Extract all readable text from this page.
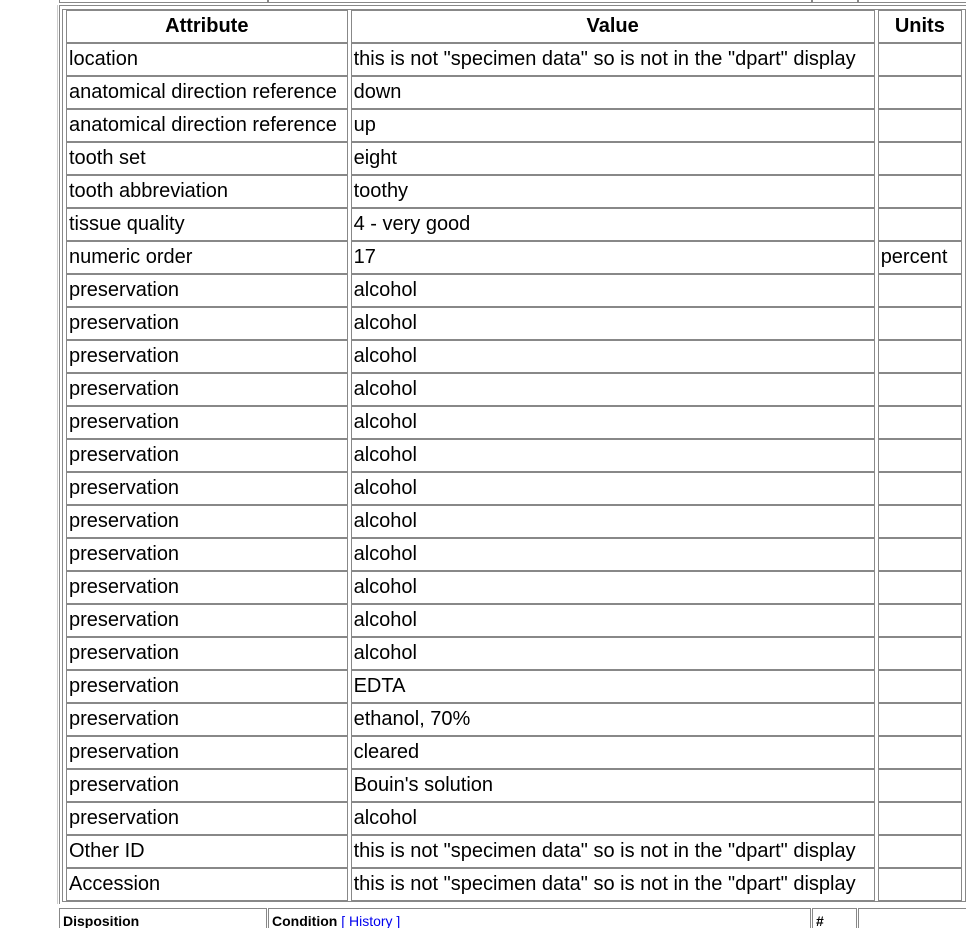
Attribute	Value	Units
location	this is not "specimen data" so is not in the "dpart" display	
anatomical direction reference	down	
anatomical direction reference	up	
tooth set	eight	
tooth abbreviation	toothy	
tissue quality	4 - very good	
numeric order	17	percent
preservation	alcohol	
preservation	alcohol	
preservation	alcohol	
preservation	alcohol	
preservation	alcohol	
preservation	alcohol	
preservation	alcohol	
preservation	alcohol	
preservation	alcohol	
preservation	alcohol	
preservation	alcohol	
preservation	alcohol	
preservation	EDTA	
preservation	ethanol, 70%	
preservation	cleared	
preservation	Bouin's solution	
preservation	alcohol	
Other ID	this is not "specimen data" so is not in the "dpart" display	
Accession	this is not "specimen data" so is not in the "dpart" display	
Disposition	Condition [ History ]	#
